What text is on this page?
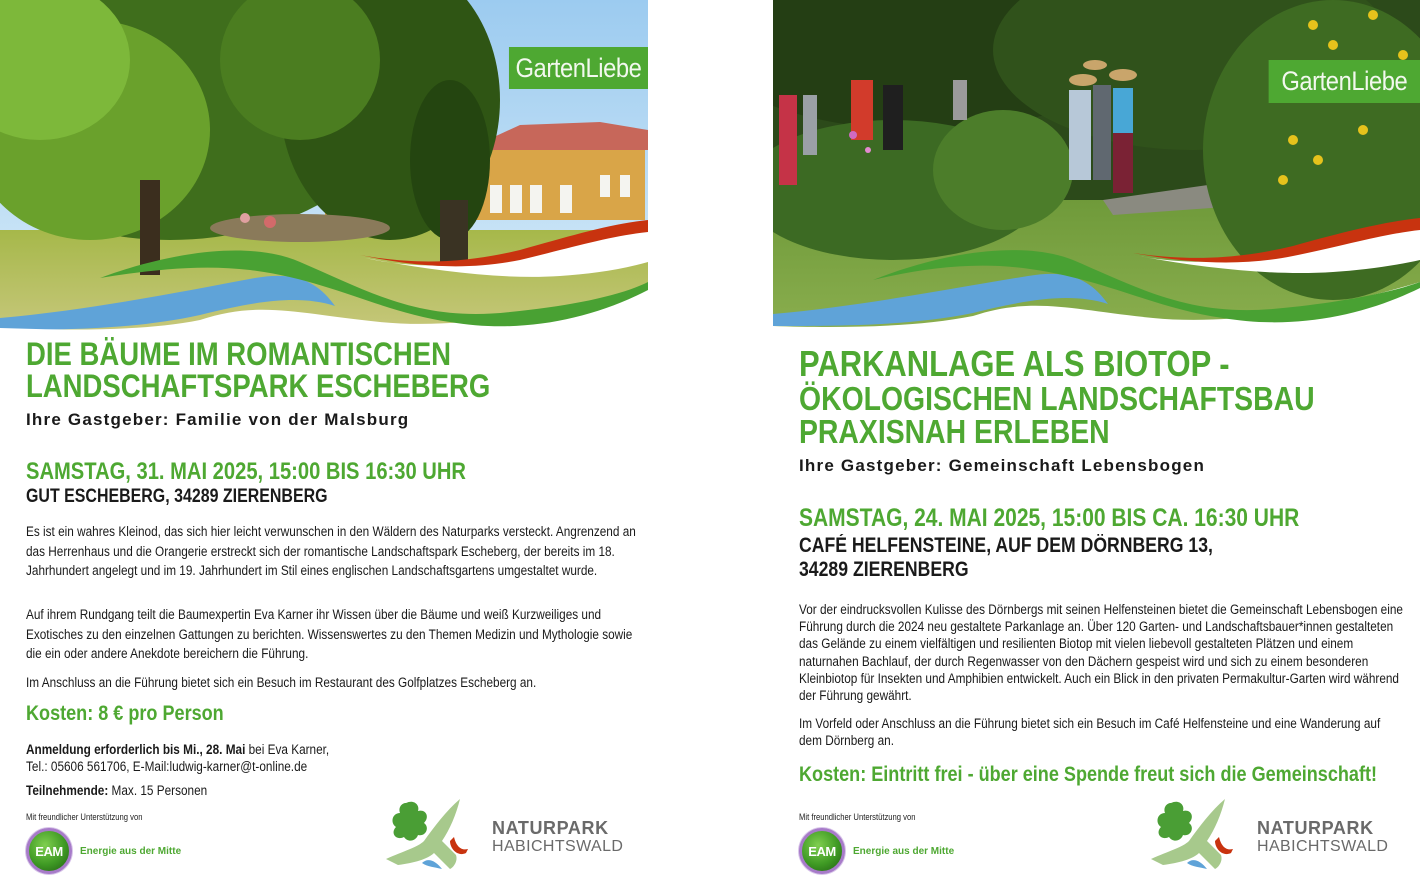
GartenLiebe
DIE BÄUME IM ROMANTISCHEN
LANDSCHAFTSPARK ESCHEBERG
Ihre Gastgeber: Familie von der Malsburg
SAMSTAG, 31. MAI 2025, 15:00 BIS 16:30 UHR
GUT ESCHEBERG, 34289 ZIERENBERG

Es ist ein wahres Kleinod, das sich hier leicht verwunschen in den Wäldern des Naturparks versteckt. Angrenzend an das Herrenhaus und die Orangerie erstreckt sich der romantische Landschaftspark Escheberg, der bereits im 18. Jahrhundert angelegt und im 19. Jahrhundert im Stil eines englischen Landschaftsgartens umgestaltet wurde.

Auf ihrem Rundgang teilt die Baumexpertin Eva Karner ihr Wissen über die Bäume und weiß Kurzweiliges und Exotisches zu den einzelnen Gattungen zu berichten. Wissenswertes zu den Themen Medizin und Mythologie sowie die ein oder andere Anekdote bereichern die Führung.

Im Anschluss an die Führung bietet sich ein Besuch im Restaurant des Golfplatzes Escheberg an.

Kosten: 8 € pro Person
Anmeldung erforderlich bis Mi., 28. Mai bei Eva Karner,
Tel.: 05606 561706, E-Mail:ludwig-karner@t-online.de
Teilnehmende: Max. 15 Personen
Mit freundlicher Unterstützung von
EAM	Energie aus der Mitte
NATURPARK
HABICHTSWALD
GartenLiebe
PARKANLAGE ALS BIOTOP -
ÖKOLOGISCHEN LANDSCHAFTSBAU
PRAXISNAH ERLEBEN
Ihre Gastgeber: Gemeinschaft Lebensbogen
SAMSTAG, 24. MAI 2025, 15:00 BIS CA. 16:30 UHR
CAFÉ HELFENSTEINE, AUF DEM DÖRNBERG 13,
34289 ZIERENBERG

Vor der eindrucksvollen Kulisse des Dörnbergs mit seinen Helfensteinen bietet die Gemeinschaft Lebensbogen eine Führung durch die 2024 neu gestaltete Parkanlage an. Über 120 Garten- und Landschaftsbauer*innen gestalteten das Gelände zu einem vielfältigen und resilienten Biotop mit vielen liebevoll gestalteten Plätzen und einem naturnahen Bachlauf, der durch Regenwasser von den Dächern gespeist wird und sich zu einem besonderen Kleinbiotop für Insekten und Amphibien entwickelt. Auch ein Blick in den privaten Permakultur-Garten wird während der Führung gewährt.

Im Vorfeld oder Anschluss an die Führung bietet sich ein Besuch im Café Helfensteine und eine Wanderung auf dem Dörnberg an.

Kosten: Eintritt frei - über eine Spende freut sich die Gemeinschaft!
Mit freundlicher Unterstützung von
EAM	Energie aus der Mitte
NATURPARK
HABICHTSWALD
